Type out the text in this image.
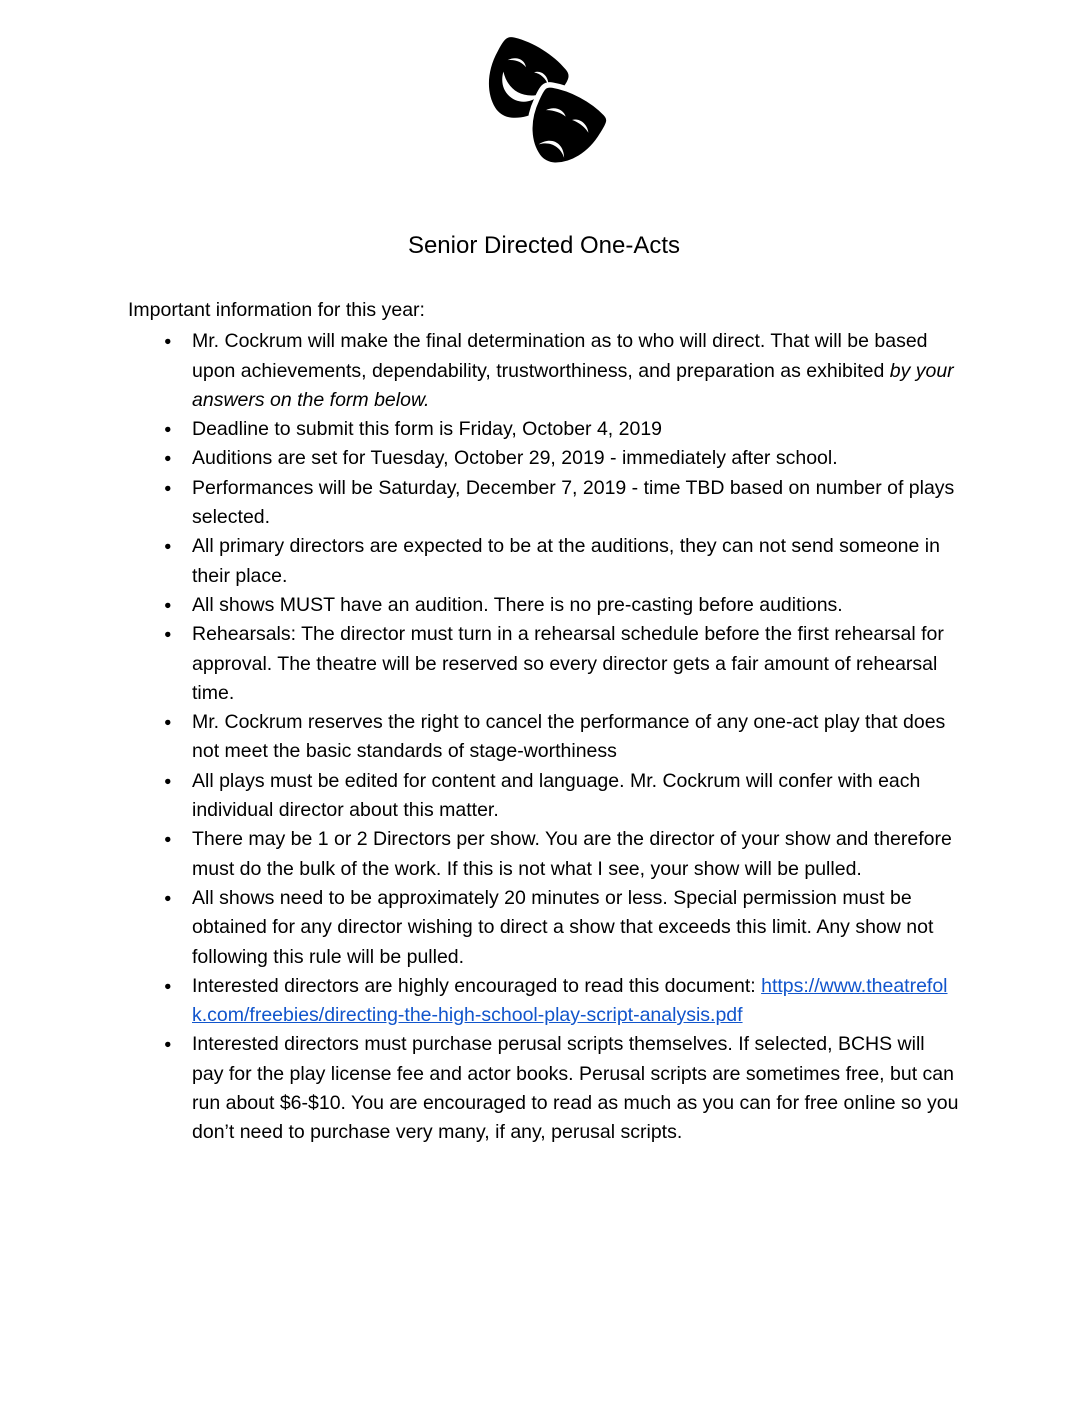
Senior Directed One-Acts

Important information for this year:

● Mr. Cockrum will make the final determination as to who will direct. That will be based upon achievements, dependability, trustworthiness, and preparation as exhibited by your answers on the form below.
● Deadline to submit this form is Friday, October 4, 2019
● Auditions are set for Tuesday, October 29, 2019 - immediately after school.
● Performances will be Saturday, December 7, 2019 - time TBD based on number of plays selected.
● All primary directors are expected to be at the auditions, they can not send someone in their place.
● All shows MUST have an audition. There is no pre-casting before auditions.
● Rehearsals: The director must turn in a rehearsal schedule before the first rehearsal for approval. The theatre will be reserved so every director gets a fair amount of rehearsal time.
● Mr. Cockrum reserves the right to cancel the performance of any one-act play that does not meet the basic standards of stage-worthiness
● All plays must be edited for content and language. Mr. Cockrum will confer with each individual director about this matter.
● There may be 1 or 2 Directors per show. You are the director of your show and therefore must do the bulk of the work. If this is not what I see, your show will be pulled.
● All shows need to be approximately 20 minutes or less. Special permission must be obtained for any director wishing to direct a show that exceeds this limit. Any show not following this rule will be pulled.
● Interested directors are highly encouraged to read this document: https://www.theatrefolk.com/freebies/directing-the-high-school-play-script-analysis.pdf
● Interested directors must purchase perusal scripts themselves. If selected, BCHS will pay for the play license fee and actor books. Perusal scripts are sometimes free, but can run about $6-$10. You are encouraged to read as much as you can for free online so you don’t need to purchase very many, if any, perusal scripts.
